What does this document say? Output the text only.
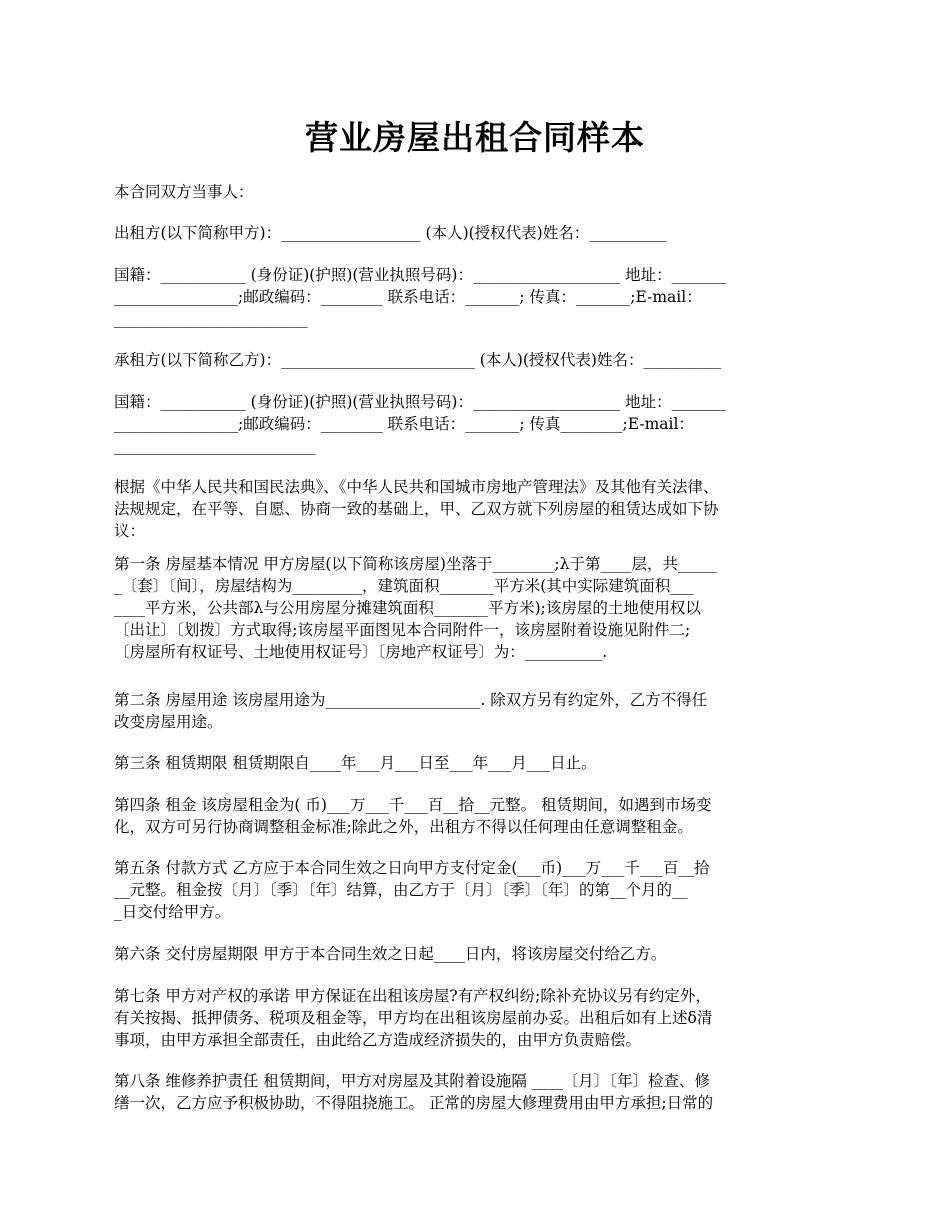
营业房屋出租合同样本
本合同双方当事人：
出租方(以下简称甲方)：__________________ (本人)(授权代表)姓名：__________
国籍：___________ (身份证)(护照)(营业执照号码)：___________________ 地址：_______
________________;邮政编码：________ 联系电话：_______; 传真：_______;E-mail：
_________________________
承租方(以下简称乙方)：_________________________ (本人)(授权代表)姓名：__________
国籍：___________ (身份证)(护照)(营业执照号码)：___________________ 地址：_______
________________;邮政编码：________ 联系电话：_______; 传真________;E-mail：
__________________________
根据《中华人民共和国民法典》、《中华人民共和国城市房地产管理法》及其他有关法律、
法规规定，在平等、自愿、协商一致的基础上，甲、乙双方就下列房屋的租赁达成如下协
议：
第一条 房屋基本情况 甲方房屋(以下简称该房屋)坐落于________;λ于第____层，共_____
_〔套〕〔间〕，房屋结构为_________，建筑面积_______平方米(其中实际建筑面积___
____平方米，公共部λ与公用房屋分摊建筑面积_______平方米);该房屋的土地使用权以
〔出让〕〔划拨〕方式取得;该房屋平面图见本合同附件一，该房屋附着设施见附件二;
〔房屋所有权证号、土地使用权证号〕〔房地产权证号〕为：__________.
第二条 房屋用途 该房屋用途为____________________. 除双方另有约定外，乙方不得任
改变房屋用途。
第三条 租赁期限 租赁期限自____年___月___日至___年___月___日止。
第四条 租金 该房屋租金为( 币)___万___千___百__拾__元整。 租赁期间，如遇到市场变
化，双方可另行协商调整租金标准;除此之外，出租方不得以任何理由任意调整租金。
第五条 付款方式 乙方应于本合同生效之日向甲方支付定金(___币)___万___千___百__拾
__元整。租金按〔月〕〔季〕〔年〕结算，由乙方于〔月〕〔季〕〔年〕的第__个月的__
_日交付给甲方。
第六条 交付房屋期限 甲方于本合同生效之日起____日内，将该房屋交付给乙方。
第七条 甲方对产权的承诺 甲方保证在出租该房屋?有产权纠纷;除补充协议另有约定外，
有关按揭、抵押债务、税项及租金等，甲方均在出租该房屋前办妥。出租后如有上述δ清
事项，由甲方承担全部责任，由此给乙方造成经济损失的，由甲方负责赔偿。
第八条 维修养护责任 租赁期间，甲方对房屋及其附着设施隔 ____〔月〕〔年〕检查、修
缮一次，乙方应予积极协助，不得阻挠施工。 正常的房屋大修理费用由甲方承担;日常的
